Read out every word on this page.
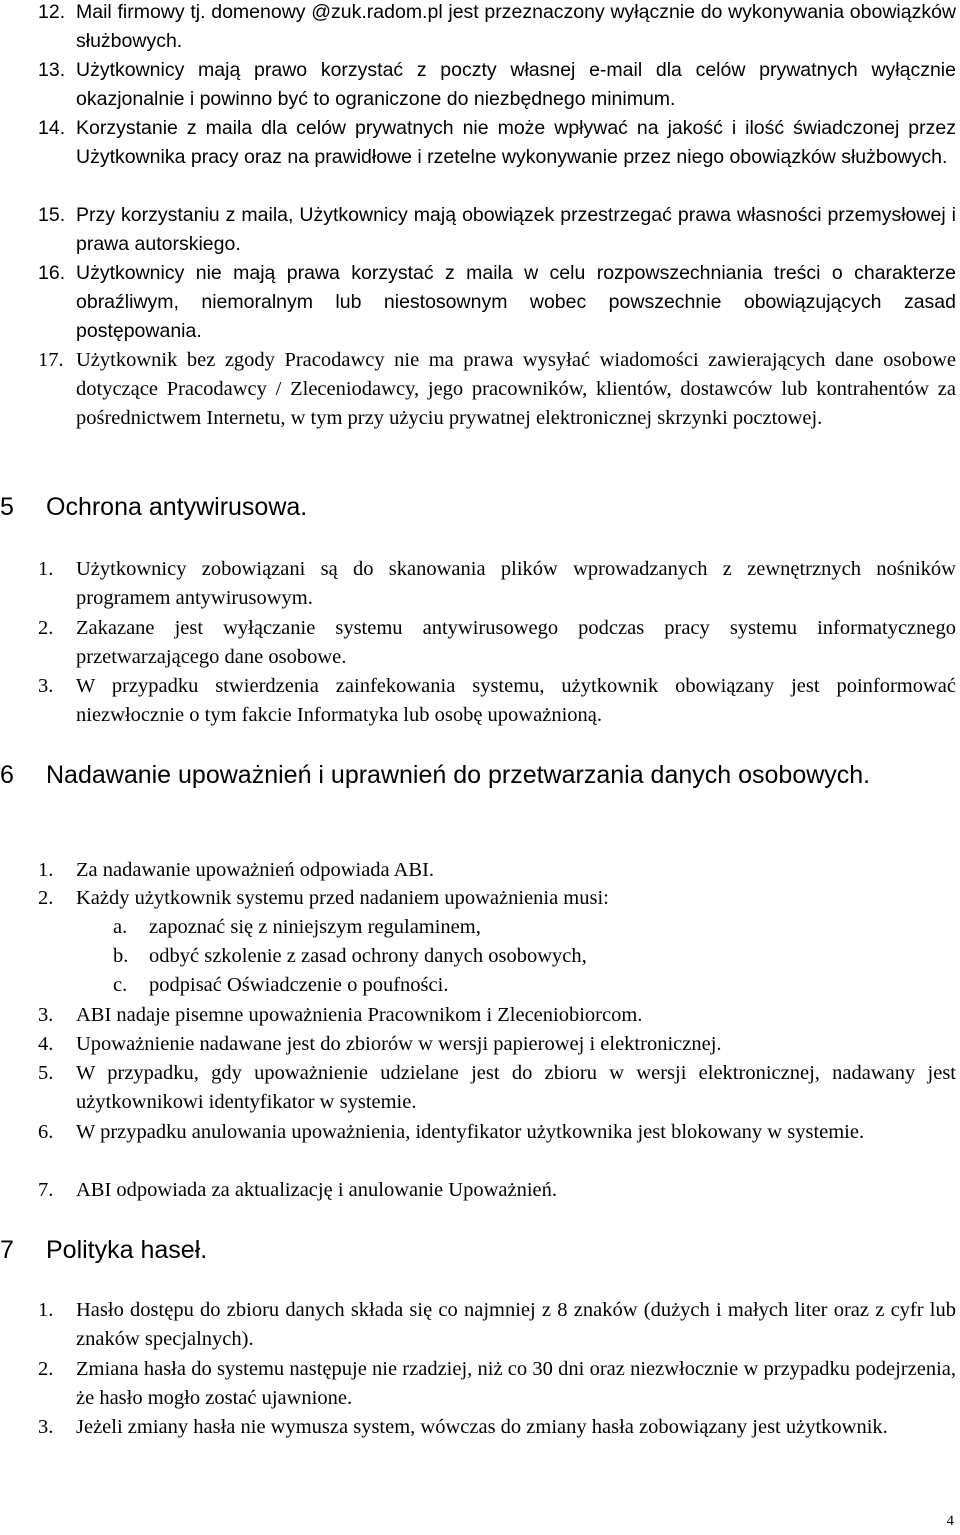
12. Mail firmowy tj. domenowy @zuk.radom.pl jest przeznaczony wyłącznie do wykonywania obowiązków służbowych.
13. Użytkownicy mają prawo korzystać z poczty własnej e-mail dla celów prywatnych wyłącznie okazjonalnie i powinno być to ograniczone do niezbędnego minimum.
14. Korzystanie z maila dla celów prywatnych nie może wpływać na jakość i ilość świadczonej przez Użytkownika pracy oraz na prawidłowe i rzetelne wykonywanie przez niego obowiązków służbowych.
15. Przy korzystaniu z maila, Użytkownicy mają obowiązek przestrzegać prawa własności przemysłowej i prawa autorskiego.
16. Użytkownicy nie mają prawa korzystać z maila w celu rozpowszechniania treści o charakterze obraźliwym, niemoralnym lub niestosownym wobec powszechnie obowiązujących zasad postępowania.
17. Użytkownik bez zgody Pracodawcy nie ma prawa wysyłać wiadomości zawierających dane osobowe dotyczące Pracodawcy / Zleceniodawcy, jego pracowników, klientów, dostawców lub kontrahentów za pośrednictwem Internetu, w tym przy użyciu prywatnej elektronicznej skrzynki pocztowej.
5 Ochrona antywirusowa.
1. Użytkownicy zobowiązani są do skanowania plików wprowadzanych z zewnętrznych nośników programem antywirusowym.
2. Zakazane jest wyłączanie systemu antywirusowego podczas pracy systemu informatycznego przetwarzającego dane osobowe.
3. W przypadku stwierdzenia zainfekowania systemu, użytkownik obowiązany jest poinformować niezwłocznie o tym fakcie Informatyka lub osobę upoważnioną.
6 Nadawanie upoważnień i uprawnień do przetwarzania danych osobowych.
1. Za nadawanie upoważnień odpowiada ABI.
2. Każdy użytkownik systemu przed nadaniem upoważnienia musi:
a. zapoznać się z niniejszym regulaminem,
b. odbyć szkolenie z zasad ochrony danych osobowych,
c. podpisać Oświadczenie o poufności.
3. ABI nadaje pisemne upoważnienia Pracownikom i Zleceniobiorcom.
4. Upoważnienie nadawane jest do zbiorów w wersji papierowej i elektronicznej.
5. W przypadku, gdy upoważnienie udzielane jest do zbioru w wersji elektronicznej, nadawany jest użytkownikowi identyfikator w systemie.
6. W przypadku anulowania upoważnienia, identyfikator użytkownika jest blokowany w systemie.
7. ABI odpowiada za aktualizację i anulowanie Upoważnień.
7 Polityka haseł.
1. Hasło dostępu do zbioru danych składa się co najmniej z 8 znaków (dużych i małych liter oraz z cyfr lub znaków specjalnych).
2. Zmiana hasła do systemu następuje nie rzadziej, niż co 30 dni oraz niezwłocznie w przypadku podejrzenia, że hasło mogło zostać ujawnione.
3. Jeżeli zmiany hasła nie wymusza system, wówczas do zmiany hasła zobowiązany jest użytkownik.
4
